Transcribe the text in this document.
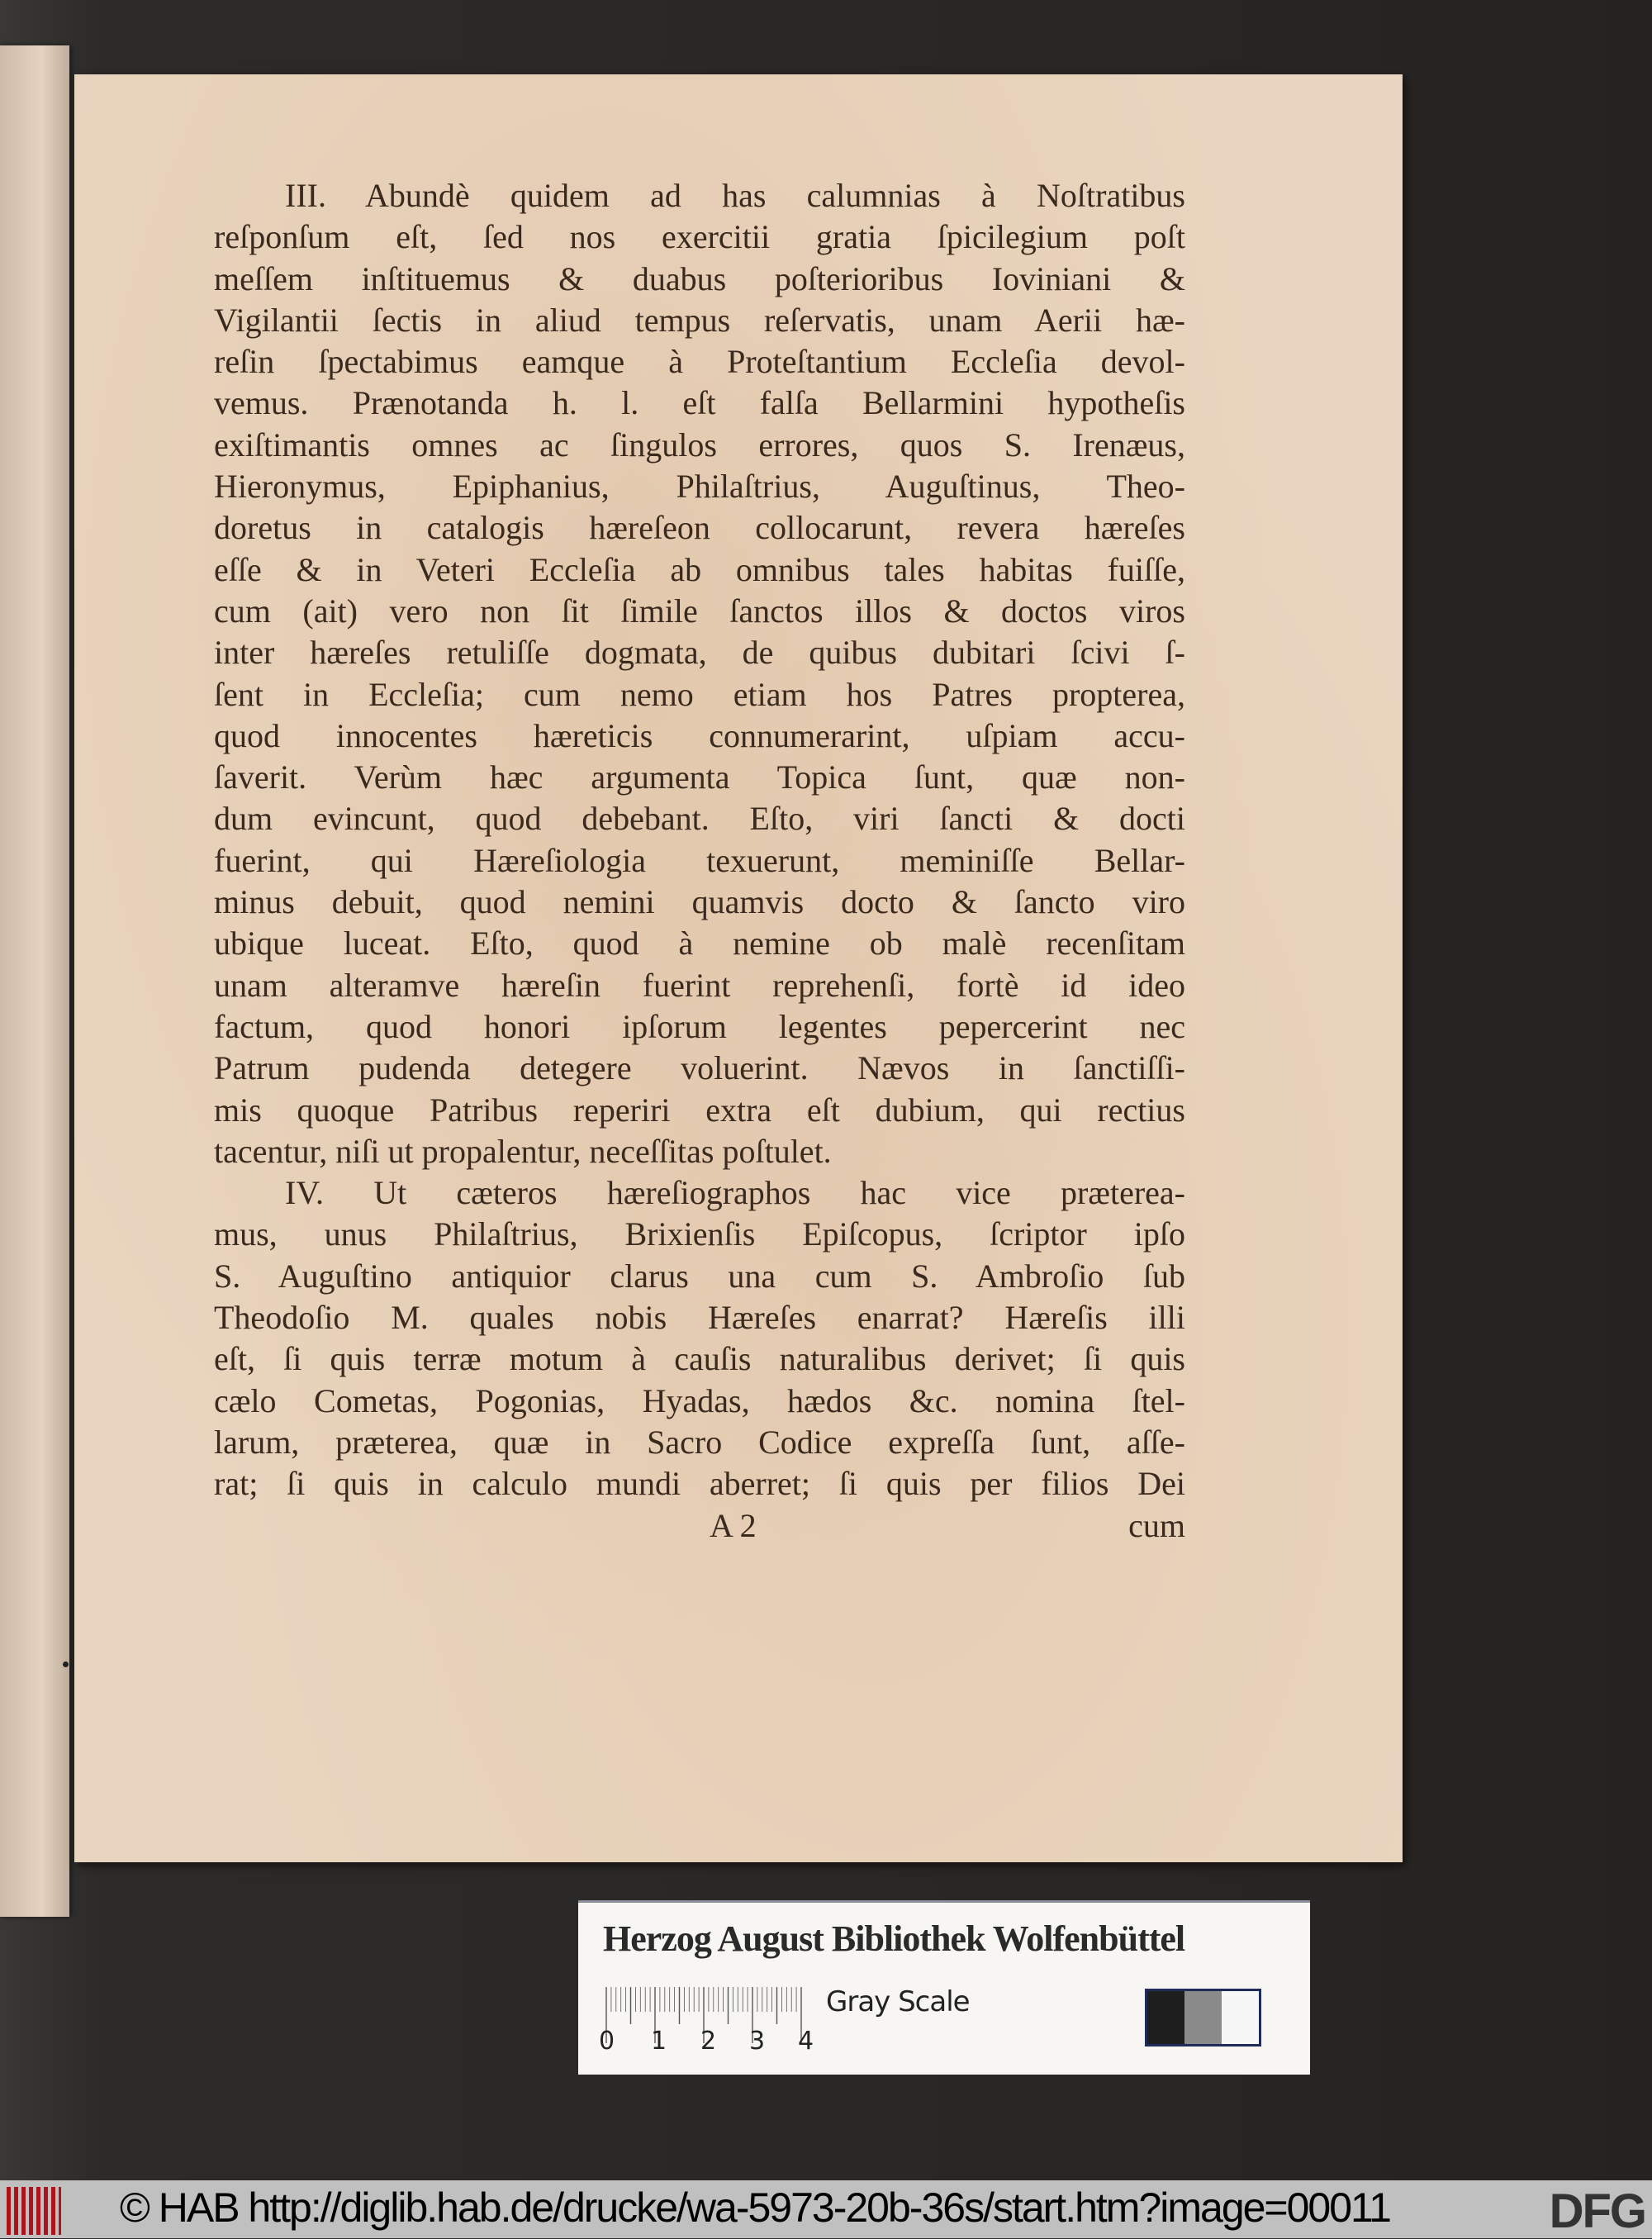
III. Abundè quidem ad has calumnias à Noſtratibus
reſponſum eſt, ſed nos exercitii gratia ſpicilegium poſt
meſſem inſtituemus & duabus poſterioribus Ioviniani &
Vigilantii ſectis in aliud tempus reſervatis, unam Aerii hæ-
reſin ſpectabimus eamque à Proteſtantium Eccleſia devol-
vemus. Prænotanda h. l. eſt falſa Bellarmini hypotheſis
exiſtimantis omnes ac ſingulos errores, quos S. Irenæus,
Hieronymus, Epiphanius, Philaſtrius, Auguſtinus, Theo-
doretus in catalogis hæreſeon collocarunt, revera hæreſes
eſſe & in Veteri Eccleſia ab omnibus tales habitas fuiſſe,
cum (ait) vero non ſit ſimile ſanctos illos & doctos viros
inter hæreſes retuliſſe dogmata, de quibus dubitari ſcivi ſ-
ſent in Eccleſia; cum nemo etiam hos Patres propterea,
quod innocentes hæreticis connumerarint, uſpiam accu-
ſaverit. Verùm hæc argumenta Topica ſunt, quæ non-
dum evincunt, quod debebant. Eſto, viri ſancti & docti
fuerint, qui Hæreſiologia texuerunt, meminiſſe Bellar-
minus debuit, quod nemini quamvis docto & ſancto viro
ubique luceat. Eſto, quod à nemine ob malè recenſitam
unam alteramve hæreſin fuerint reprehenſi, fortè id ideo
factum, quod honori ipſorum legentes pepercerint nec
Patrum pudenda detegere voluerint. Nævos in ſanctiſſi-
mis quoque Patribus reperiri extra eſt dubium, qui rectius
tacentur, niſi ut propalentur, neceſſitas poſtulet.
IV. Ut cæteros hæreſiographos hac vice præterea-
mus, unus Philaſtrius, Brixienſis Epiſcopus, ſcriptor ipſo
S. Auguſtino antiquior clarus una cum S. Ambroſio ſub
Theodoſio M. quales nobis Hæreſes enarrat? Hæreſis illi
eſt, ſi quis terræ motum à cauſis naturalibus derivet; ſi quis
cælo Cometas, Pogonias, Hyadas, hædos &c. nomina ſtel-
larum, præterea, quæ in Sacro Codice expreſſa ſunt, aſſe-
rat; ſi quis in calculo mundi aberret; ſi quis per filios Dei
A 2	cum
Herzog August Bibliothek Wolfenbüttel
0 1 2 3 4
Gray Scale
© HAB http://diglib.hab.de/drucke/wa-5973-20b-36s/start.htm?image=00011	DFG
